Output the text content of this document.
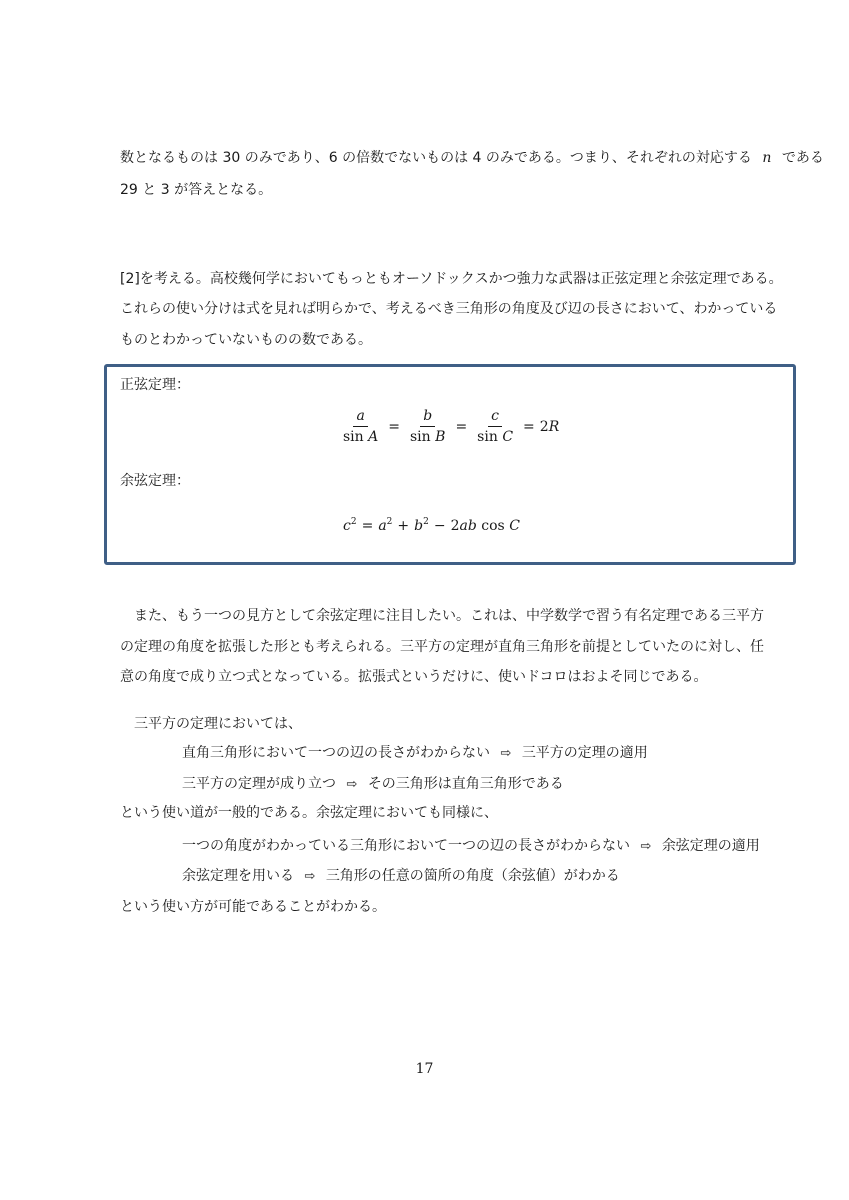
数となるものは 30 のみであり、6 の倍数でないものは 4 のみである。つまり、それぞれの対応する n である
29 と 3 が答えとなる。
[2]を考える。高校幾何学においてもっともオーソドックスかつ強力な武器は正弦定理と余弦定理である。
これらの使い分けは式を見れば明らかで、考えるべき三角形の角度及び辺の長さにおいて、わかっている
ものとわかっていないものの数である。
正弦定理：
$\frac{a}{\text{sin A}} = \frac{b}{\text{sin B}} = \frac{c}{\text{sin C}} = 2R$
余弦定理：
$c^2 = a^2 + b^2 - 2ab$ cos C
また、もう一つの見方として余弦定理に注目したい。これは、中学数学で習う有名定理である三平方
の定理の角度を拡張した形とも考えられる。三平方の定理が直角三角形を前提としていたのに対し、任
意の角度で成り立つ式となっている。拡張式というだけに、使いドコロはおよそ同じである。
三平方の定理においては、
直角三角形において一つの辺の長さがわからない ⇨ 三平方の定理の適用
三平方の定理が成り立つ ⇨ その三角形は直角三角形である
という使い道が一般的である。余弦定理においても同様に、
一つの角度がわかっている三角形において一つの辺の長さがわからない ⇨ 余弦定理の適用
余弦定理を用いる ⇨ 三角形の任意の箇所の角度（余弦値）がわかる
という使い方が可能であることがわかる。
17
